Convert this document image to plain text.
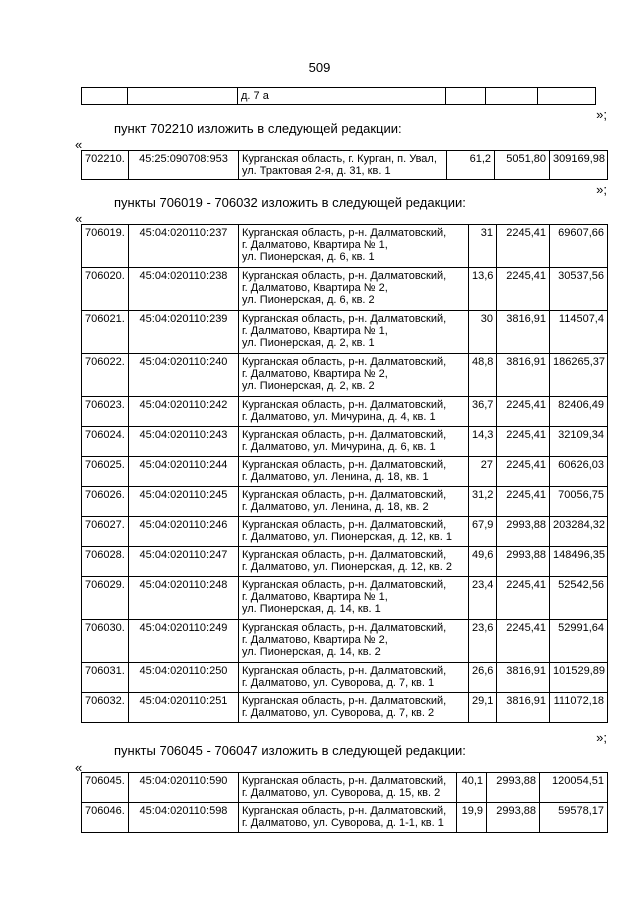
509
		д. 7 а			
»;
пункт 702210 изложить в следующей редакции:
«
702210.	45:25:090708:953	Курганская область, г. Курган, п. Увал,
ул. Трактовая 2-я, д. 31, кв. 1
	61,2	5051,80	309169,98
»;
пункты 706019 - 706032 изложить в следующей редакции:
«
706019.	45:04:020110:237	Курганская область, р-н. Далматовский,
г. Далматово, Квартира № 1,
ул. Пионерская, д. 6, кв. 1	31	2245,41	69607,66
706020.	45:04:020110:238	Курганская область, р-н. Далматовский,
г. Далматово, Квартира № 2,
ул. Пионерская, д. 6, кв. 2	13,6	2245,41	30537,56
706021.	45:04:020110:239	Курганская область, р-н. Далматовский,
г. Далматово, Квартира № 1,
ул. Пионерская, д. 2, кв. 1	30	3816,91	114507,4
706022.	45:04:020110:240	Курганская область, р-н. Далматовский,
г. Далматово, Квартира № 2,
ул. Пионерская, д. 2, кв. 2	48,8	3816,91	186265,37
706023.	45:04:020110:242	Курганская область, р-н. Далматовский,
г. Далматово, ул. Мичурина, д. 4, кв. 1	36,7	2245,41	82406,49
706024.	45:04:020110:243	Курганская область, р-н. Далматовский,
г. Далматово, ул. Мичурина, д. 6, кв. 1	14,3	2245,41	32109,34
706025.	45:04:020110:244	Курганская область, р-н. Далматовский,
г. Далматово, ул. Ленина, д. 18, кв. 1	27	2245,41	60626,03
706026.	45:04:020110:245	Курганская область, р-н. Далматовский,
г. Далматово, ул. Ленина, д. 18, кв. 2	31,2	2245,41	70056,75
706027.	45:04:020110:246	Курганская область, р-н. Далматовский,
г. Далматово, ул. Пионерская, д. 12, кв. 1	67,9	2993,88	203284,32
706028.	45:04:020110:247	Курганская область, р-н. Далматовский,
г. Далматово, ул. Пионерская, д. 12, кв. 2	49,6	2993,88	148496,35
706029.	45:04:020110:248	Курганская область, р-н. Далматовский,
г. Далматово, Квартира № 1,
ул. Пионерская, д. 14, кв. 1	23,4	2245,41	52542,56
706030.	45:04:020110:249	Курганская область, р-н. Далматовский,
г. Далматово, Квартира № 2,
ул. Пионерская, д. 14, кв. 2	23,6	2245,41	52991,64
706031.	45:04:020110:250	Курганская область, р-н. Далматовский,
г. Далматово, ул. Суворова, д. 7, кв. 1	26,6	3816,91	101529,89
706032.	45:04:020110:251	Курганская область, р-н. Далматовский,
г. Далматово, ул. Суворова, д. 7, кв. 2	29,1	3816,91	111072,18
»;
пункты 706045 - 706047 изложить в следующей редакции:
«
706045.	45:04:020110:590	Курганская область, р-н. Далматовский,
г. Далматово, ул. Суворова, д. 15, кв. 2	40,1	2993,88	120054,51
706046.	45:04:020110:598	Курганская область, р-н. Далматовский,
г. Далматово, ул. Суворова, д. 1-1, кв. 1	19,9	2993,88	59578,17
